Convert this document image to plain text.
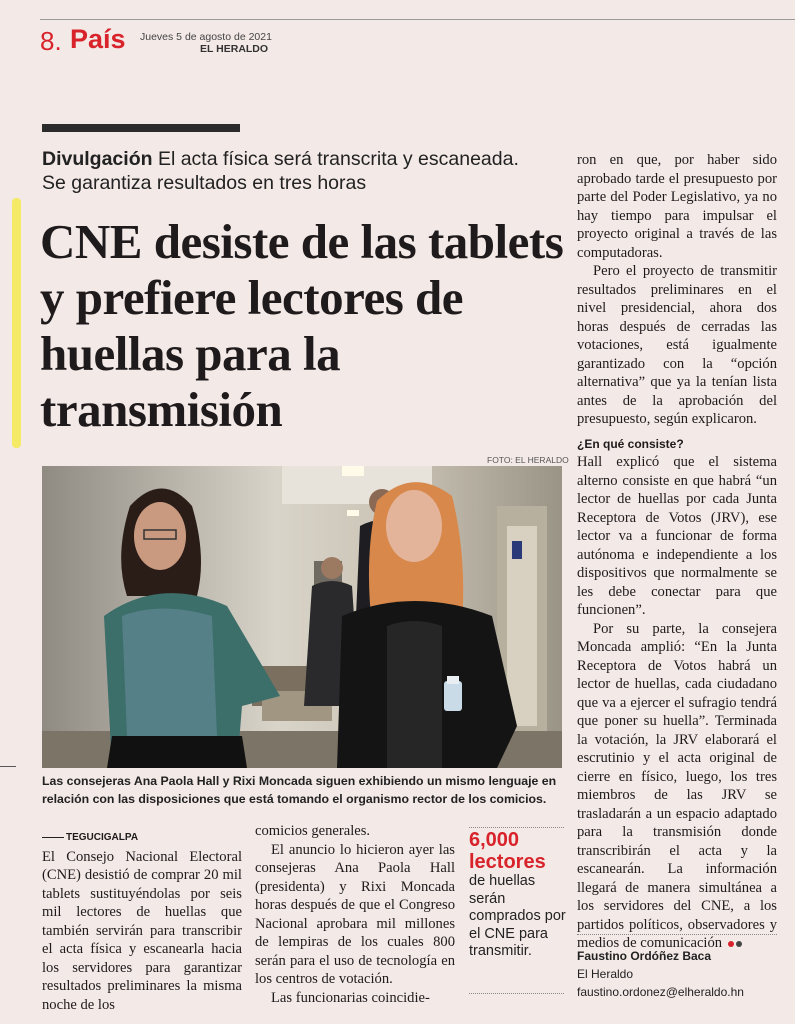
8. País Jueves 5 de agosto de 2021
EL HERALDO
Divulgación El acta física será transcrita y escaneada. Se garantiza resultados en tres horas
CNE desiste de las tablets y prefiere lectores de huellas para la transmisión
FOTO: EL HERALDO
Las consejeras Ana Paola Hall y Rixi Moncada siguen exhibiendo un mismo lenguaje en relación con las disposiciones que está tomando el organismo rector de los comicios.
TEGUCIGALPA

El Consejo Nacional Electoral (CNE) desistió de comprar 20 mil tablets sustituyéndolas por seis mil lectores de huellas que también servirán para transcribir el acta física y escanearla hacia los servidores para garantizar resultados preliminares la misma noche de los

comicios generales.

El anuncio lo hicieron ayer las consejeras Ana Paola Hall (presidenta) y Rixi Moncada horas después de que el Congreso Nacional aprobara mil millones de lempiras de los cuales 800 serán para el uso de tecnología en los centros de votación.

Las funcionarias coincidie-

6,000
lectores
de huellas serán comprados por el CNE para transmitir.

ron en que, por haber sido aprobado tarde el presupuesto por parte del Poder Legislativo, ya no hay tiempo para impulsar el proyecto original a través de las computadoras.

Pero el proyecto de transmitir resultados preliminares en el nivel presidencial, ahora dos horas después de cerradas las votaciones, está igualmente garantizado con la “opción alternativa” que ya la tenían lista antes de la aprobación del presupuesto, según explicaron.

¿En qué consiste?

Hall explicó que el sistema alterno consiste en que habrá “un lector de huellas por cada Junta Receptora de Votos (JRV), ese lector va a funcionar de forma autónoma e independiente a los dispositivos que normalmente se les debe conectar para que funcionen”.

Por su parte, la consejera Moncada amplió: “En la Junta Receptora de Votos habrá un lector de huellas, cada ciudadano que va a ejercer el sufragio tendrá que poner su huella”. Terminada la votación, la JRV elaborará el escrutinio y el acta original de cierre en físico, luego, los tres miembros de las JRV se trasladarán a un espacio adaptado para la transmisión donde transcribirán el acta y la escanearán. La información llegará de manera simultánea a los servidores del CNE, a los partidos políticos, observadores y medios de comunicación

Faustino Ordóñez Baca
El Heraldo
faustino.ordonez@elheraldo.hn
